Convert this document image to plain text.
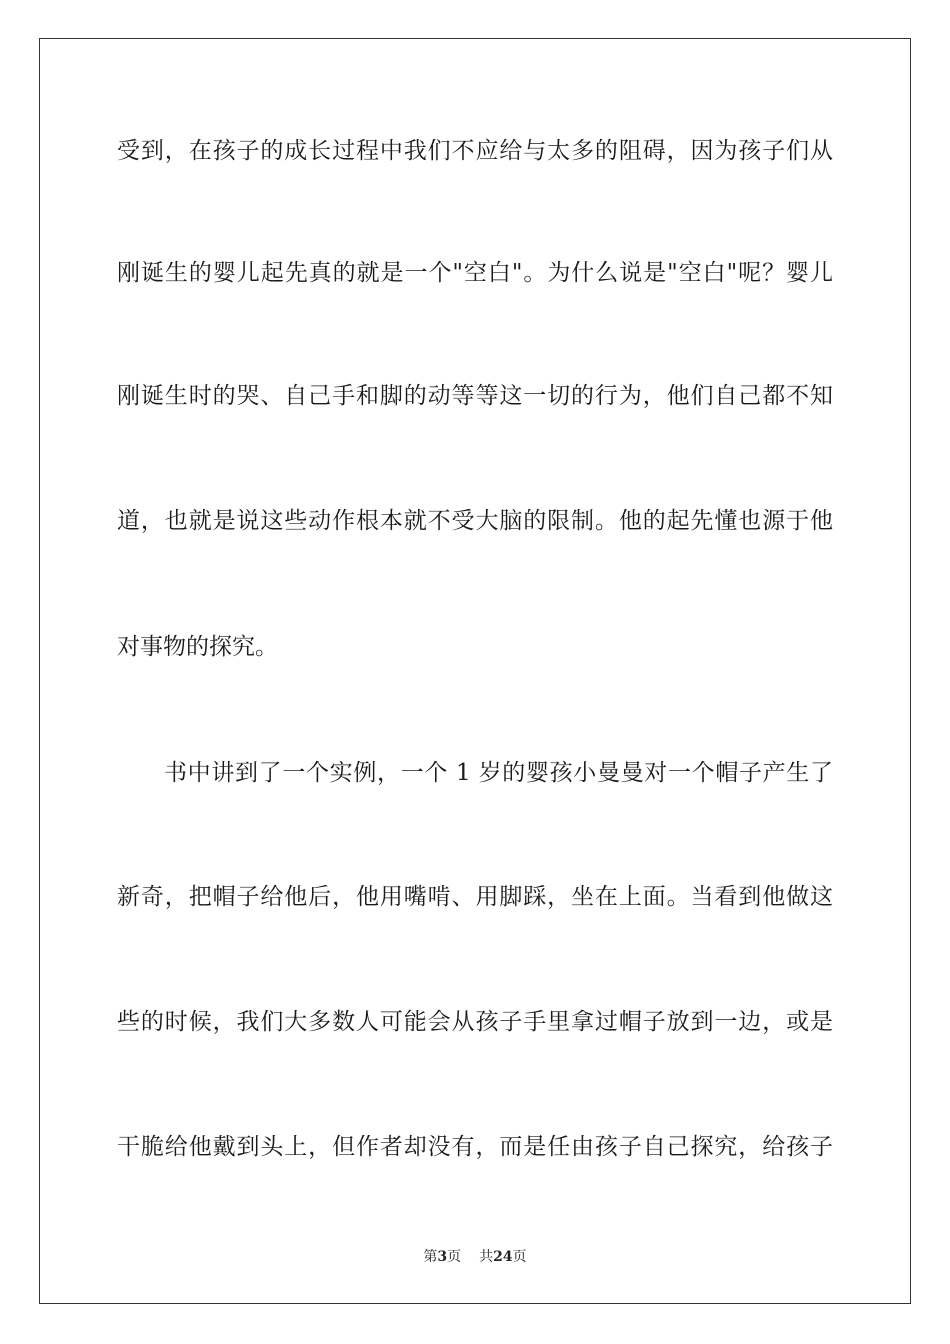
受到，在孩子的成长过程中我们不应给与太多的阻碍，因为孩子们从
刚诞生的婴儿起先真的就是一个"空白"。为什么说是"空白"呢？婴儿
刚诞生时的哭、自己手和脚的动等等这一切的行为，他们自己都不知
道，也就是说这些动作根本就不受大脑的限制。他的起先懂也源于他
对事物的探究。
书中讲到了一个实例，一个 1 岁的婴孩小曼曼对一个帽子产生了
新奇，把帽子给他后，他用嘴啃、用脚踩，坐在上面。当看到他做这
些的时候，我们大多数人可能会从孩子手里拿过帽子放到一边，或是
干脆给他戴到头上，但作者却没有，而是任由孩子自己探究，给孩子
第3页 共24页
